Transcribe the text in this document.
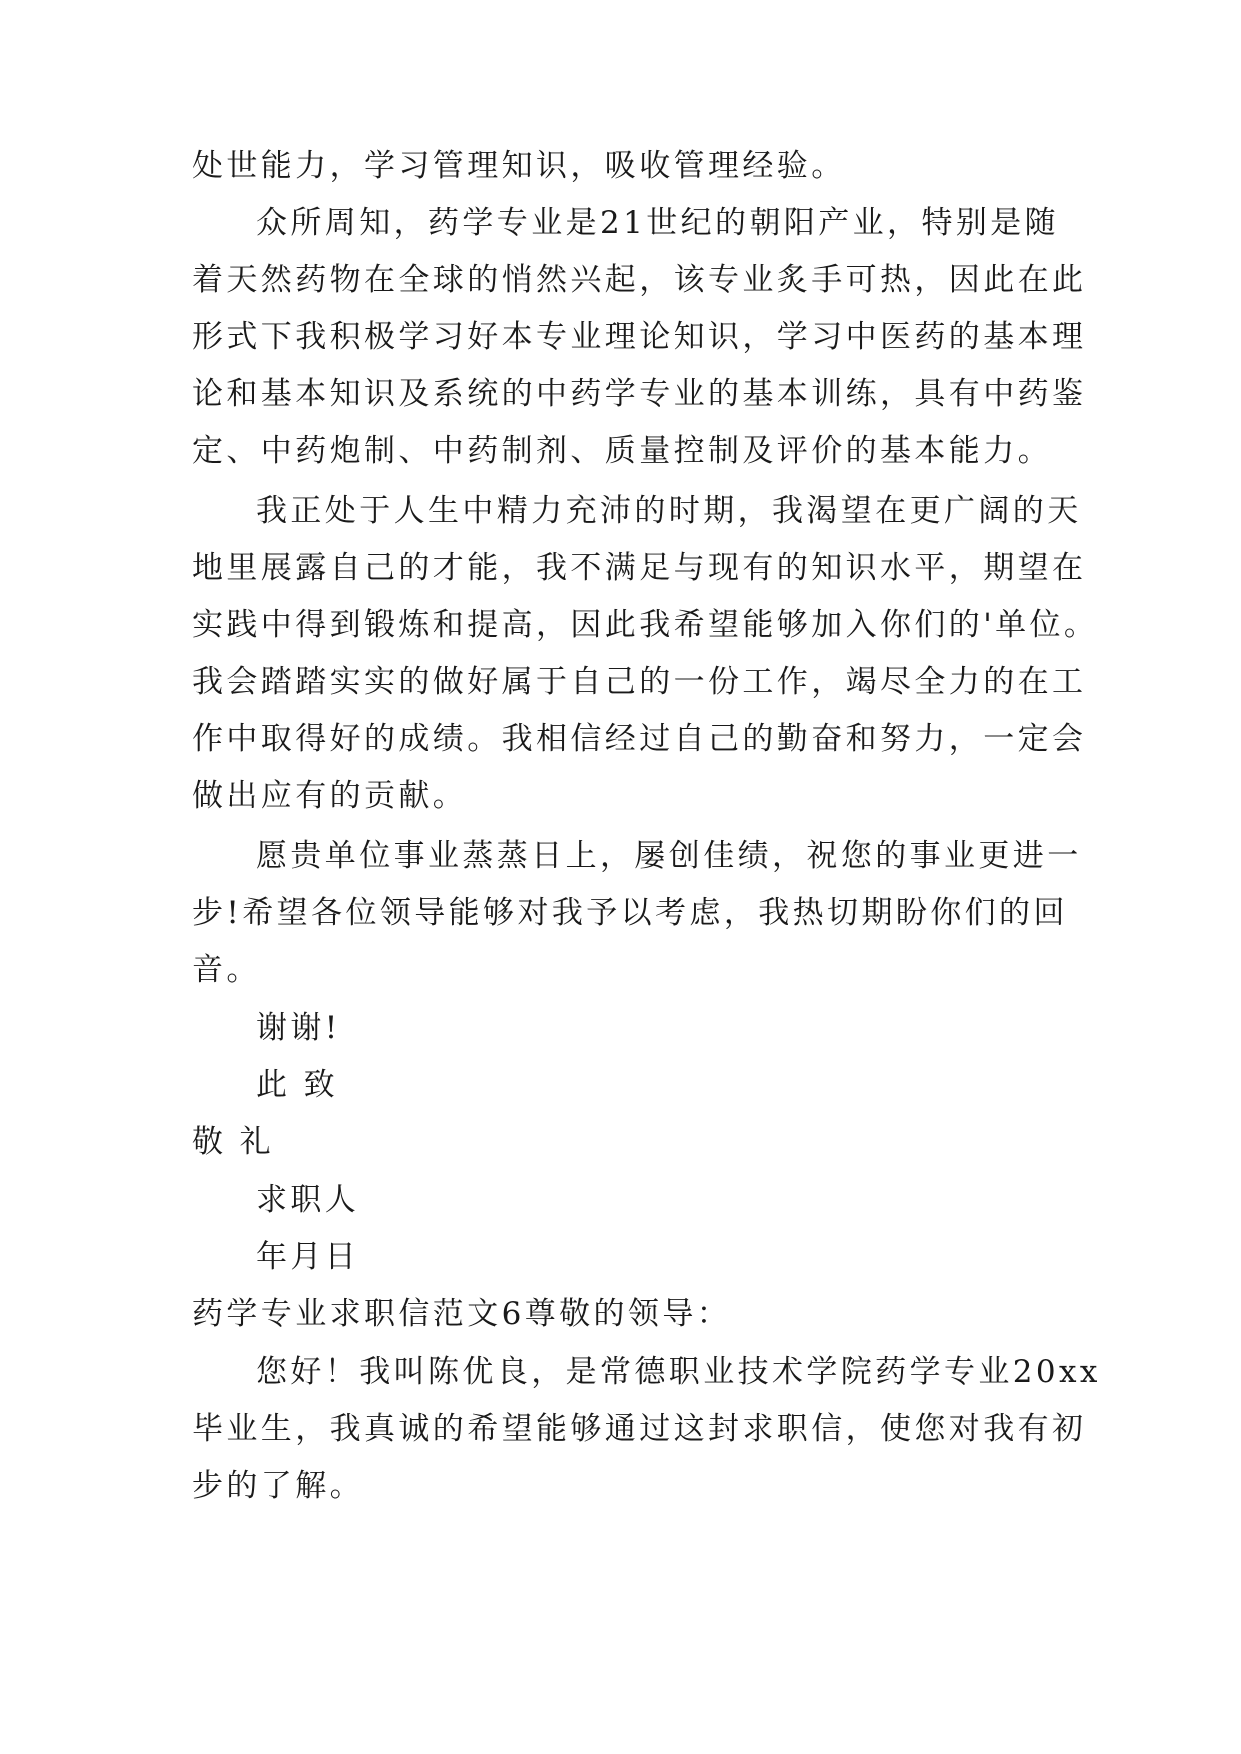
处世能力，学习管理知识，吸收管理经验。

众所周知，药学专业是21世纪的朝阳产业，特别是随

着天然药物在全球的悄然兴起，该专业炙手可热，因此在此

形式下我积极学习好本专业理论知识，学习中医药的基本理

论和基本知识及系统的中药学专业的基本训练，具有中药鉴

定、中药炮制、中药制剂、质量控制及评价的基本能力。

我正处于人生中精力充沛的时期，我渴望在更广阔的天

地里展露自己的才能，我不满足与现有的知识水平，期望在

实践中得到锻炼和提高，因此我希望能够加入你们的'单位。

我会踏踏实实的做好属于自己的一份工作，竭尽全力的在工

作中取得好的成绩。我相信经过自己的勤奋和努力，一定会

做出应有的贡献。

愿贵单位事业蒸蒸日上，屡创佳绩，祝您的事业更进一

步!希望各位领导能够对我予以考虑，我热切期盼你们的回

音。

谢谢!

此 致

敬 礼

求职人

年月日

药学专业求职信范文6尊敬的领导：

您好！我叫陈优良，是常德职业技术学院药学专业20xx

毕业生，我真诚的希望能够通过这封求职信，使您对我有初

步的了解。
